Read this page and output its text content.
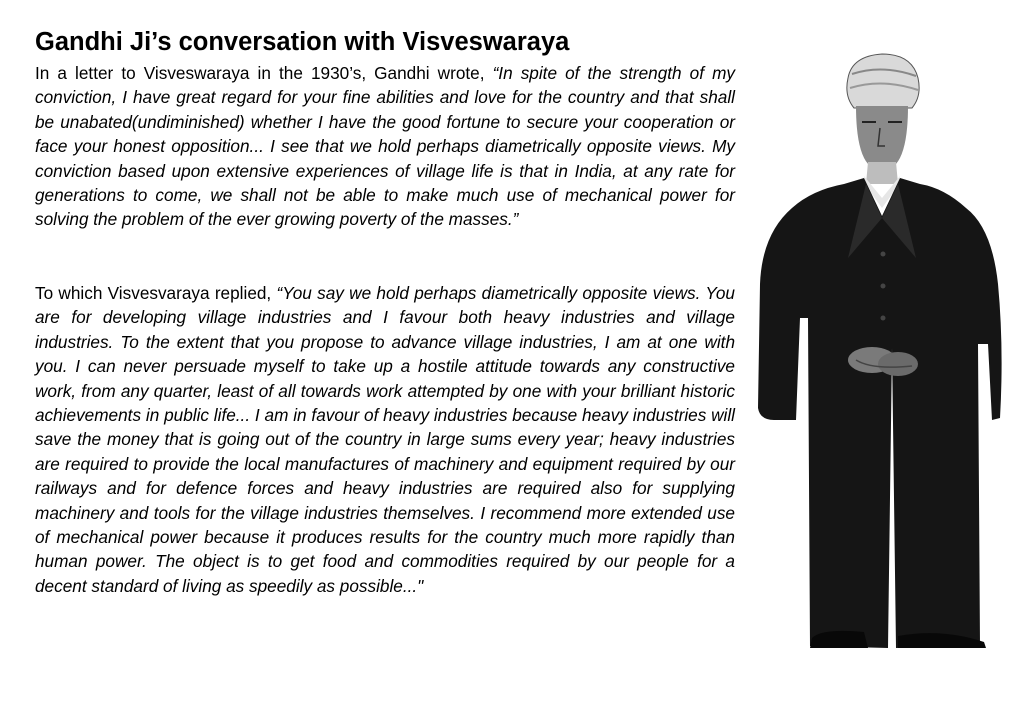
Gandhi Ji’s conversation with Visveswaraya

In a letter to Visveswaraya in the 1930’s, Gandhi wrote, “In spite of the strength of my conviction, I have great regard for your fine abilities and love for the country and that shall be unabated(undiminished) whether I have the good fortune to secure your cooperation or face your honest opposition... I see that we hold perhaps diametrically opposite views. My conviction based upon extensive experiences of village life is that in India, at any rate for generations to come, we shall not be able to make much use of mechanical power for solving the problem of the ever growing poverty of the masses.”

To which Visvesvaraya replied, “You say we hold perhaps diametrically opposite views. You are for developing village industries and I favour both heavy industries and village industries. To the extent that you propose to advance village industries, I am at one with you. I can never persuade myself to take up a hostile attitude towards any constructive work, from any quarter, least of all towards work attempted by one with your brilliant historic achievements in public life... I am in favour of heavy industries because heavy industries will save the money that is going out of the country in large sums every year; heavy industries are required to provide the local manufactures of machinery and equipment required by our railways and for defence forces and heavy industries are required also for supplying machinery and tools for the village industries themselves. I recommend more extended use of mechanical power because it produces results for the country much more rapidly than human power. The object is to get food and commodities required by our people for a decent standard of living as speedily as possible..."
